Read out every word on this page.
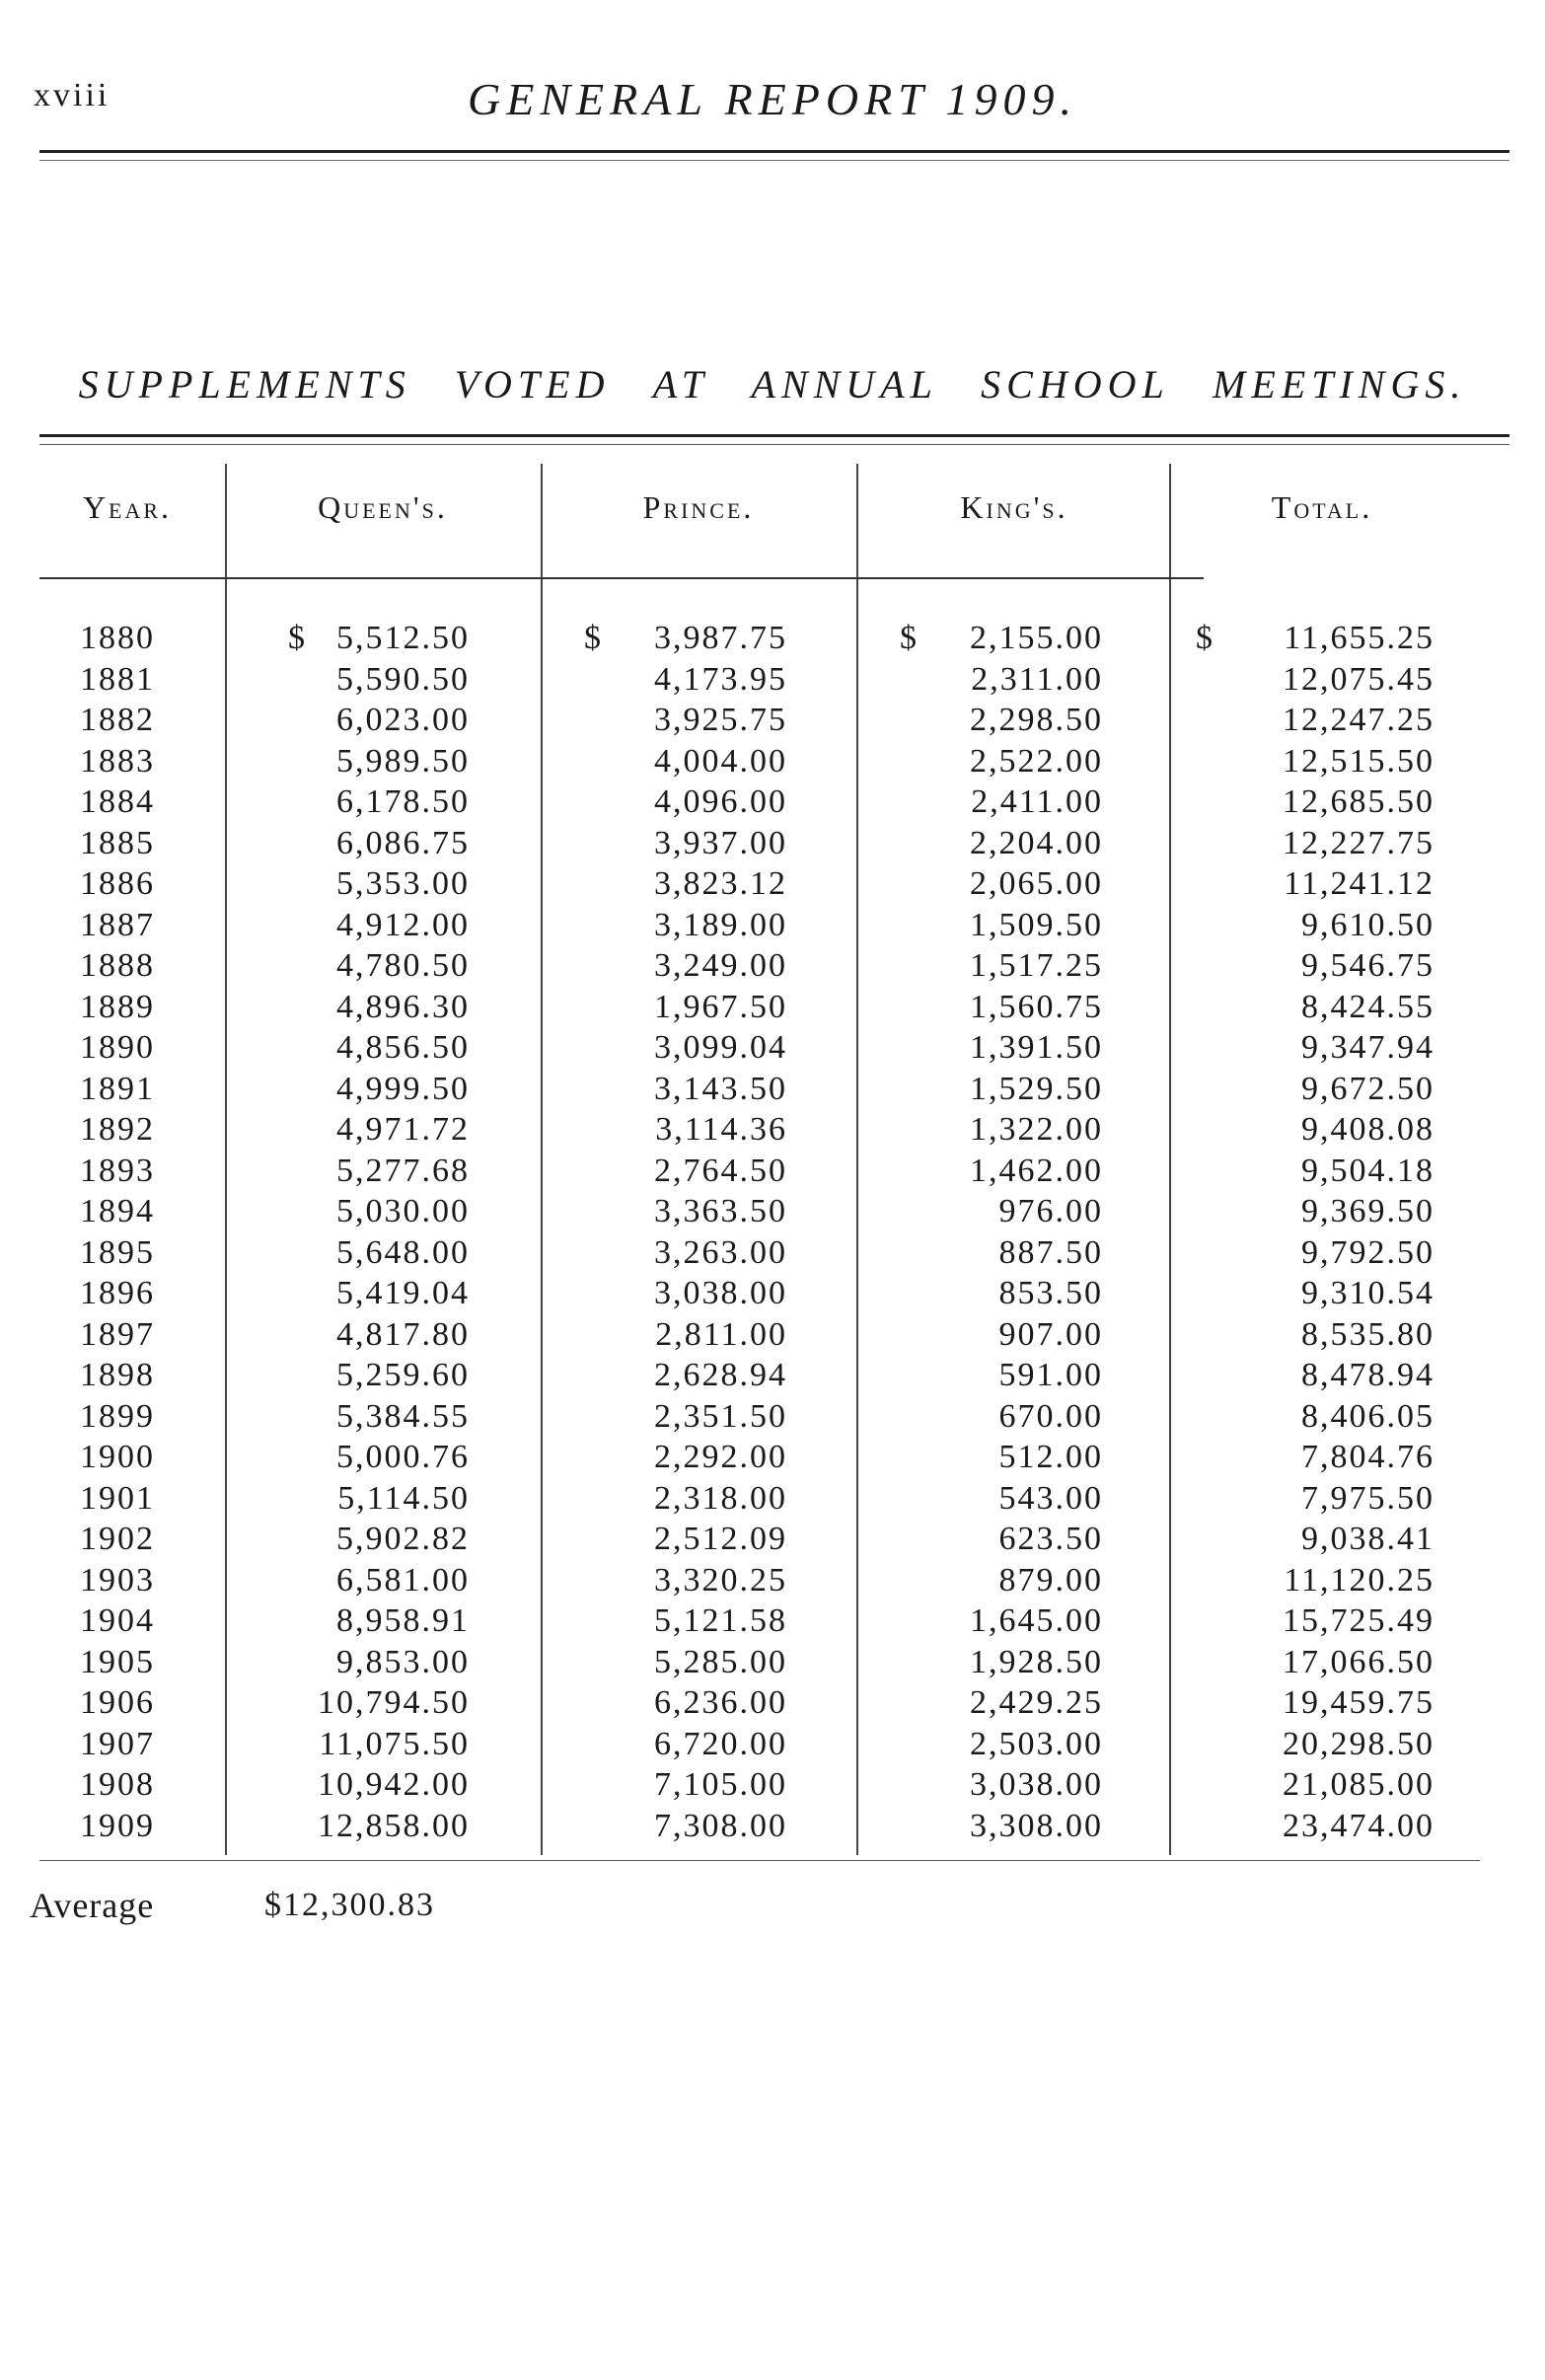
xviii	GENERAL REPORT 1909.
SUPPLEMENTS VOTED AT ANNUAL SCHOOL MEETINGS.
Year.	Queen's.	Prince.	King's.	Total.
$	$	$	$
1880	5,512.50	3,987.75	2,155.00	11,655.25
1881	5,590.50	4,173.95	2,311.00	12,075.45
1882	6,023.00	3,925.75	2,298.50	12,247.25
1883	5,989.50	4,004.00	2,522.00	12,515.50
1884	6,178.50	4,096.00	2,411.00	12,685.50
1885	6,086.75	3,937.00	2,204.00	12,227.75
1886	5,353.00	3,823.12	2,065.00	11,241.12
1887	4,912.00	3,189.00	1,509.50	9,610.50
1888	4,780.50	3,249.00	1,517.25	9,546.75
1889	4,896.30	1,967.50	1,560.75	8,424.55
1890	4,856.50	3,099.04	1,391.50	9,347.94
1891	4,999.50	3,143.50	1,529.50	9,672.50
1892	4,971.72	3,114.36	1,322.00	9,408.08
1893	5,277.68	2,764.50	1,462.00	9,504.18
1894	5,030.00	3,363.50	976.00	9,369.50
1895	5,648.00	3,263.00	887.50	9,792.50
1896	5,419.04	3,038.00	853.50	9,310.54
1897	4,817.80	2,811.00	907.00	8,535.80
1898	5,259.60	2,628.94	591.00	8,478.94
1899	5,384.55	2,351.50	670.00	8,406.05
1900	5,000.76	2,292.00	512.00	7,804.76
1901	5,114.50	2,318.00	543.00	7,975.50
1902	5,902.82	2,512.09	623.50	9,038.41
1903	6,581.00	3,320.25	879.00	11,120.25
1904	8,958.91	5,121.58	1,645.00	15,725.49
1905	9,853.00	5,285.00	1,928.50	17,066.50
1906	10,794.50	6,236.00	2,429.25	19,459.75
1907	11,075.50	6,720.00	2,503.00	20,298.50
1908	10,942.00	7,105.00	3,038.00	21,085.00
1909	12,858.00	7,308.00	3,308.00	23,474.00
Average	$12,300.83
